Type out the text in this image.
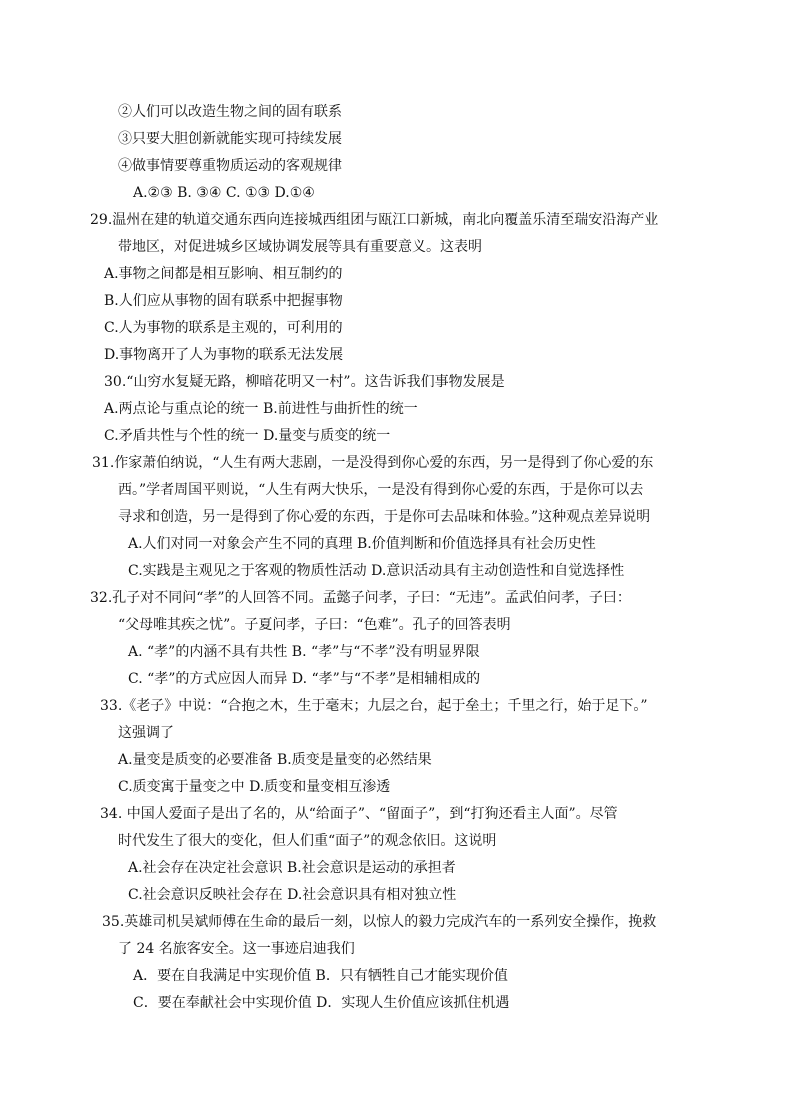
②人们可以改造生物之间的固有联系
③只要大胆创新就能实现可持续发展
④做事情要尊重物质运动的客观规律
A.②③ B. ③④ C. ①③ D.①④
29.温州在建的轨道交通东西向连接城西组团与瓯江口新城，南北向覆盖乐清至瑞安沿海产业
带地区，对促进城乡区域协调发展等具有重要意义。这表明
A.事物之间都是相互影响、相互制约的
B.人们应从事物的固有联系中把握事物
C.人为事物的联系是主观的，可利用的
D.事物离开了人为事物的联系无法发展
30.“山穷水复疑无路，柳暗花明又一村”。这告诉我们事物发展是
A.两点论与重点论的统一 B.前进性与曲折性的统一
C.矛盾共性与个性的统一 D.量变与质变的统一
31.作家萧伯纳说，“人生有两大悲剧，一是没得到你心爱的东西，另一是得到了你心爱的东
西。”学者周国平则说，“人生有两大快乐，一是没有得到你心爱的东西，于是你可以去
寻求和创造，另一是得到了你心爱的东西，于是你可去品味和体验。”这种观点差异说明
A.人们对同一对象会产生不同的真理 B.价值判断和价值选择具有社会历史性
C.实践是主观见之于客观的物质性活动 D.意识活动具有主动创造性和自觉选择性
32.孔子对不同问“孝”的人回答不同。孟懿子问孝，子曰：“无违”。孟武伯问孝，子曰：
“父母唯其疾之忧”。子夏问孝，子曰：“色难”。孔子的回答表明
A. “孝”的内涵不具有共性 B. “孝”与“不孝”没有明显界限
C. “孝”的方式应因人而异 D. “孝”与“不孝”是相辅相成的
33.《老子》中说：“合抱之木，生于毫末；九层之台，起于垒土；千里之行，始于足下。”
这强调了
A.量变是质变的必要准备 B.质变是量变的必然结果
C.质变寓于量变之中 D.质变和量变相互渗透
34. 中国人爱面子是出了名的，从“给面子”、“留面子”，到“打狗还看主人面”。尽管
时代发生了很大的变化，但人们重“面子”的观念依旧。这说明
A.社会存在决定社会意识 B.社会意识是运动的承担者
C.社会意识反映社会存在 D.社会意识具有相对独立性
35.英雄司机吴斌师傅在生命的最后一刻，以惊人的毅力完成汽车的一系列安全操作，挽救
了 24 名旅客安全。这一事迹启迪我们
A．要在自我满足中实现价值 B．只有牺牲自己才能实现价值
C．要在奉献社会中实现价值 D．实现人生价值应该抓住机遇
